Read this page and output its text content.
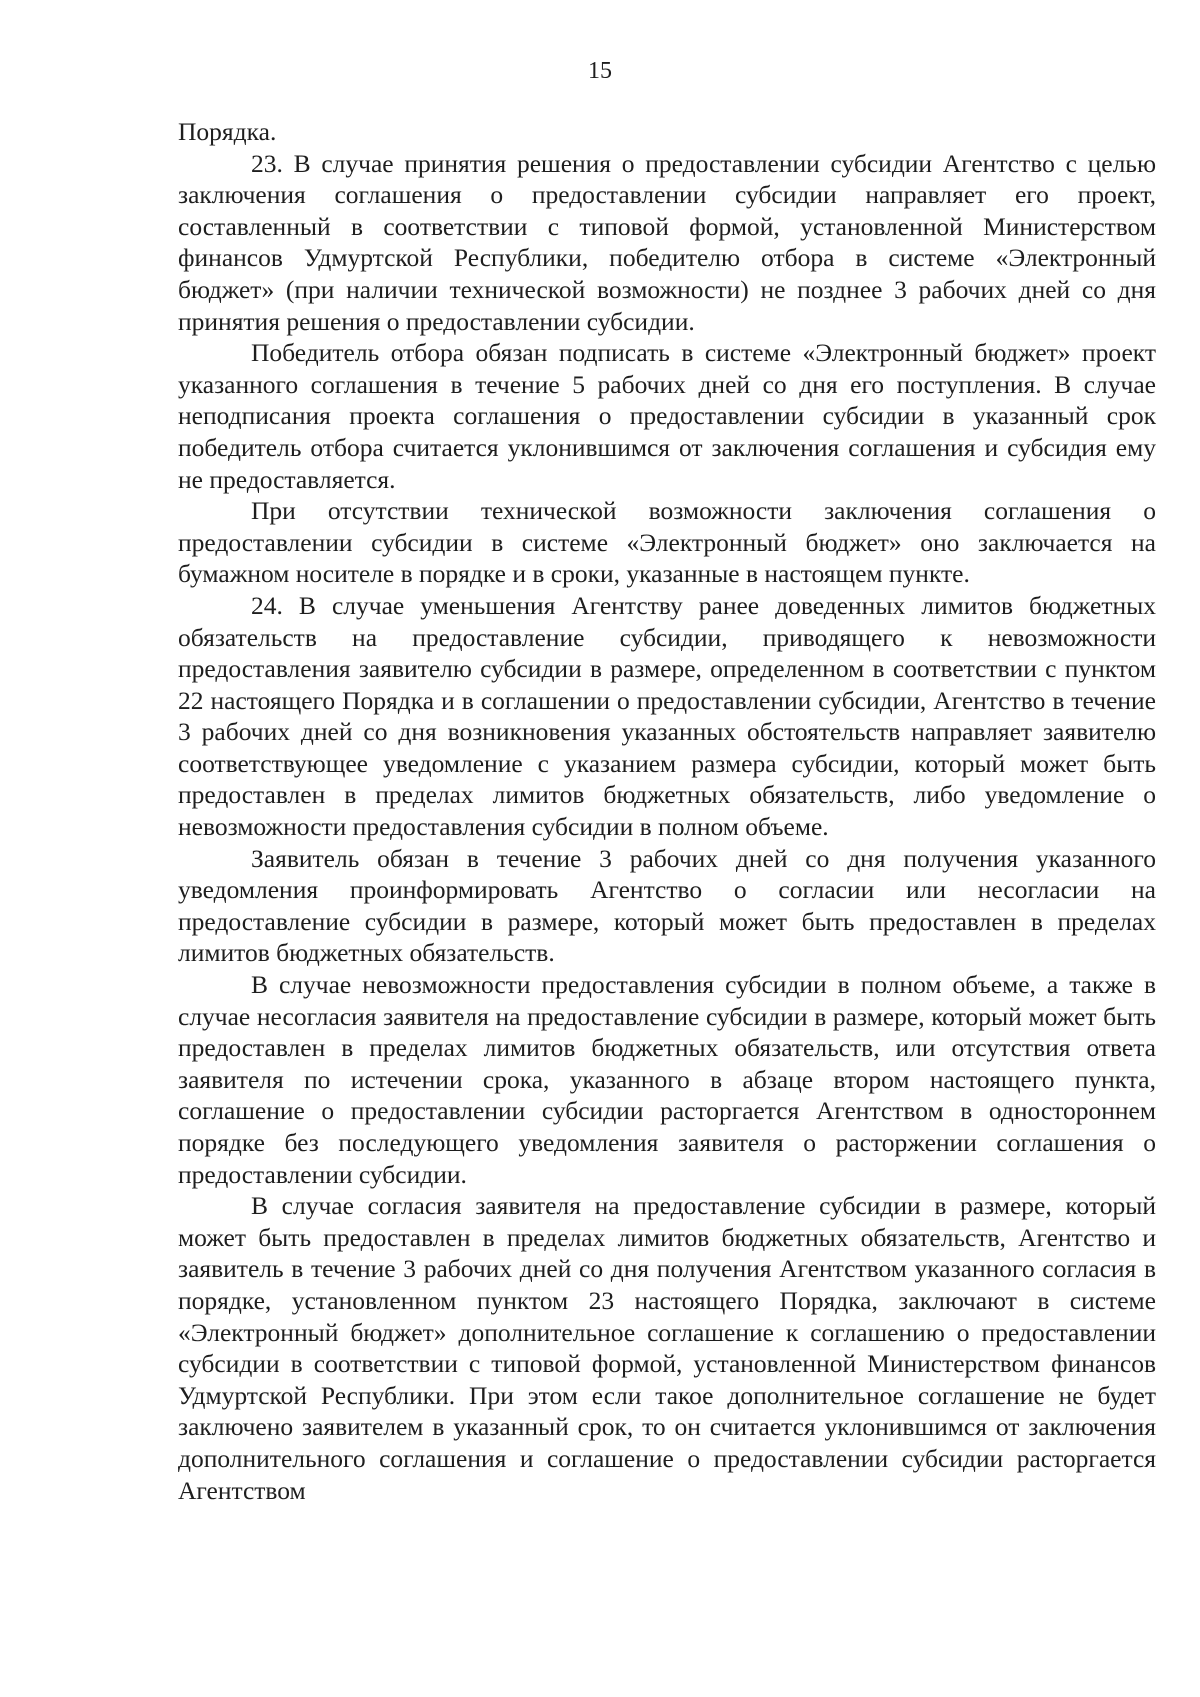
15

Порядка.

23. В случае принятия решения о предоставлении субсидии Агентство с целью заключения соглашения о предоставлении субсидии направляет его проект, составленный в соответствии с типовой формой, установленной Министерством финансов Удмуртской Республики, победителю отбора в системе «Электронный бюджет» (при наличии технической возможности) не позднее 3 рабочих дней со дня принятия решения о предоставлении субсидии.

Победитель отбора обязан подписать в системе «Электронный бюджет» проект указанного соглашения в течение 5 рабочих дней со дня его поступления. В случае неподписания проекта соглашения о предоставлении субсидии в указанный срок победитель отбора считается уклонившимся от заключения соглашения и субсидия ему не предоставляется.

При отсутствии технической возможности заключения соглашения о предоставлении субсидии в системе «Электронный бюджет» оно заключается на бумажном носителе в порядке и в сроки, указанные в настоящем пункте.

24. В случае уменьшения Агентству ранее доведенных лимитов бюджетных обязательств на предоставление субсидии, приводящего к невозможности предоставления заявителю субсидии в размере, определенном в соответствии с пунктом 22 настоящего Порядка и в соглашении о предоставлении субсидии, Агентство в течение 3 рабочих дней со дня возникновения указанных обстоятельств направляет заявителю соответствующее уведомление с указанием размера субсидии, который может быть предоставлен в пределах лимитов бюджетных обязательств, либо уведомление о невозможности предоставления субсидии в полном объеме.

Заявитель обязан в течение 3 рабочих дней со дня получения указанного уведомления проинформировать Агентство о согласии или несогласии на предоставление субсидии в размере, который может быть предоставлен в пределах лимитов бюджетных обязательств.

В случае невозможности предоставления субсидии в полном объеме, а также в случае несогласия заявителя на предоставление субсидии в размере, который может быть предоставлен в пределах лимитов бюджетных обязательств, или отсутствия ответа заявителя по истечении срока, указанного в абзаце втором настоящего пункта, соглашение о предоставлении субсидии расторгается Агентством в одностороннем порядке без последующего уведомления заявителя о расторжении соглашения о предоставлении субсидии.

В случае согласия заявителя на предоставление субсидии в размере, который может быть предоставлен в пределах лимитов бюджетных обязательств, Агентство и заявитель в течение 3 рабочих дней со дня получения Агентством указанного согласия в порядке, установленном пунктом 23 настоящего Порядка, заключают в системе «Электронный бюджет» дополнительное соглашение к соглашению о предоставлении субсидии в соответствии с типовой формой, установленной Министерством финансов Удмуртской Республики. При этом если такое дополнительное соглашение не будет заключено заявителем в указанный срок, то он считается уклонившимся от заключения дополнительного соглашения и соглашение о предоставлении субсидии расторгается Агентством
